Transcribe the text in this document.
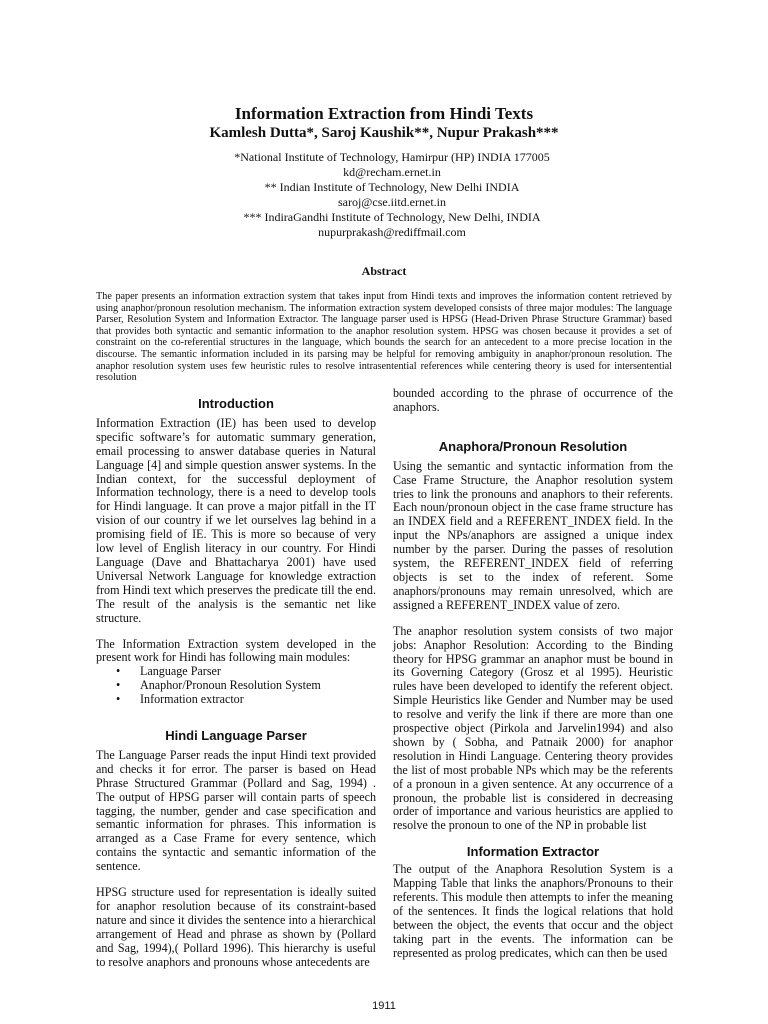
Information Extraction from Hindi Texts
Kamlesh Dutta*, Saroj Kaushik**, Nupur Prakash***
*National Institute of Technology, Hamirpur (HP) INDIA 177005
kd@recham.ernet.in
** Indian Institute of Technology, New Delhi INDIA
saroj@cse.iitd.ernet.in
*** IndiraGandhi Institute of Technology, New Delhi, INDIA
nupurprakash@rediffmail.com
Abstract
The paper presents an information extraction system that takes input from Hindi texts and improves the information content retrieved by using anaphor/pronoun resolution mechanism. The information extraction system developed consists of three major modules: The language Parser, Resolution System and Information Extractor. The language parser used is HPSG (Head-Driven Phrase Structure Grammar) based that provides both syntactic and semantic information to the anaphor resolution system. HPSG was chosen because it provides a set of constraint on the co-referential structures in the language, which bounds the search for an antecedent to a more precise location in the discourse. The semantic information included in its parsing may be helpful for removing ambiguity in anaphor/pronoun resolution. The anaphor resolution system uses few heuristic rules to resolve intrasentential references while centering theory is used for intersentential resolution
Introduction

Information Extraction (IE) has been used to develop specific software’s for automatic summary generation, email processing to answer database queries in Natural Language [4] and simple question answer systems. In the Indian context, for the successful deployment of Information technology, there is a need to develop tools for Hindi language. It can prove a major pitfall in the IT vision of our country if we let ourselves lag behind in a promising field of IE. This is more so because of very low level of English literacy in our country. For Hindi Language (Dave and Bhattacharya 2001) have used Universal Network Language for knowledge extraction from Hindi text which preserves the predicate till the end. The result of the analysis is the semantic net like structure.

The Information Extraction system developed in the present work for Hindi has following main modules:

• Language Parser
• Anaphor/Pronoun Resolution System
• Information extractor
Hindi Language Parser

The Language Parser reads the input Hindi text provided and checks it for error. The parser is based on Head Phrase Structured Grammar (Pollard and Sag, 1994) . The output of HPSG parser will contain parts of speech tagging, the number, gender and case specification and semantic information for phrases. This information is arranged as a Case Frame for every sentence, which contains the syntactic and semantic information of the sentence.

HPSG structure used for representation is ideally suited for anaphor resolution because of its constraint-based nature and since it divides the sentence into a hierarchical arrangement of Head and phrase as shown by (Pollard and Sag, 1994),( Pollard 1996). This hierarchy is useful to resolve anaphors and pronouns whose antecedents are

bounded according to the phrase of occurrence of the anaphors.

Anaphora/Pronoun Resolution

Using the semantic and syntactic information from the Case Frame Structure, the Anaphor resolution system tries to link the pronouns and anaphors to their referents. Each noun/pronoun object in the case frame structure has an INDEX field and a REFERENT_INDEX field. In the input the NPs/anaphors are assigned a unique index number by the parser. During the passes of resolution system, the REFERENT_INDEX field of referring objects is set to the index of referent. Some anaphors/pronouns may remain unresolved, which are assigned a REFERENT_INDEX value of zero.

The anaphor resolution system consists of two major jobs: Anaphor Resolution: According to the Binding theory for HPSG grammar an anaphor must be bound in its Governing Category (Grosz et al 1995). Heuristic rules have been developed to identify the referent object. Simple Heuristics like Gender and Number may be used to resolve and verify the link if there are more than one prospective object (Pirkola and Jarvelin1994) and also shown by ( Sobha, and Patnaik 2000) for anaphor resolution in Hindi Language. Centering theory provides the list of most probable NPs which may be the referents of a pronoun in a given sentence. At any occurrence of a pronoun, the probable list is considered in decreasing order of importance and various heuristics are applied to resolve the pronoun to one of the NP in probable list

Information Extractor

The output of the Anaphora Resolution System is a Mapping Table that links the anaphors/Pronouns to their referents. This module then attempts to infer the meaning of the sentences. It finds the logical relations that hold between the object, the events that occur and the object taking part in the events. The information can be represented as prolog predicates, which can then be used

1911
